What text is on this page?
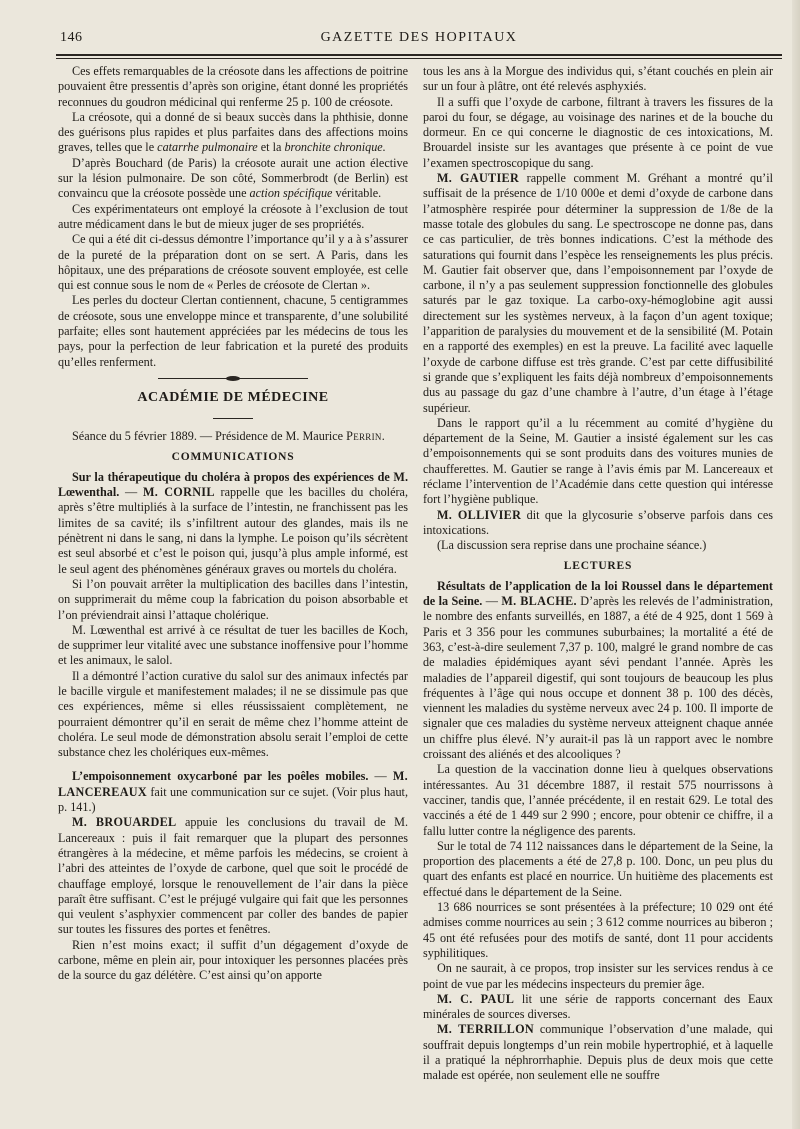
146	GAZETTE DES HOPITAUX

Ces effets remarquables de la créosote dans les affections de poitrine pouvaient être pressentis d’après son origine, étant donné les propriétés reconnues du goudron médicinal qui renferme 25 p. 100 de créosote.

La créosote, qui a donné de si beaux succès dans la phthisie, donne des guérisons plus rapides et plus parfaites dans des affections moins graves, telles que le catarrhe pulmonaire et la bronchite chronique.

D’après Bouchard (de Paris) la créosote aurait une action élective sur la lésion pulmonaire. De son côté, Sommerbrodt (de Berlin) est convaincu que la créosote possède une action spécifique véritable.

Ces expérimentateurs ont employé la créosote à l’exclusion de tout autre médicament dans le but de mieux juger de ses propriétés.

Ce qui a été dit ci-dessus démontre l’importance qu’il y a à s’assurer de la pureté de la préparation dont on se sert. A Paris, dans les hôpitaux, une des préparations de créosote souvent employée, est celle qui est connue sous le nom de « Perles de créosote de Clertan ».

Les perles du docteur Clertan contiennent, chacune, 5 centigrammes de créosote, sous une enveloppe mince et transparente, d’une solubilité parfaite; elles sont hautement appréciées par les médecins de tous les pays, pour la perfection de leur fabrication et la pureté des produits qu’elles renferment.

ACADÉMIE DE MÉDECINE

Séance du 5 février 1889. — Présidence de M. Maurice Perrin.

COMMUNICATIONS

Sur la thérapeutique du choléra à propos des expériences de M. Lœwenthal. — M. CORNIL rappelle que les bacilles du choléra, après s’être multipliés à la surface de l’intestin, ne franchissent pas les limites de sa cavité; ils s’infiltrent autour des glandes, mais ils ne pénètrent ni dans le sang, ni dans la lymphe. Le poison qu’ils sécrètent est seul absorbé et c’est le poison qui, jusqu’à plus ample informé, est le seul agent des phénomènes généraux graves ou mortels du choléra.

Si l’on pouvait arrêter la multiplication des bacilles dans l’intestin, on supprimerait du même coup la fabrication du poison absorbable et l’on préviendrait ainsi l’attaque cholérique.

M. Lœwenthal est arrivé à ce résultat de tuer les bacilles de Koch, de supprimer leur vitalité avec une substance inoffensive pour l’homme et les animaux, le salol.

Il a démontré l’action curative du salol sur des animaux infectés par le bacille virgule et manifestement malades; il ne se dissimule pas que ces expériences, même si elles réussissaient complètement, ne pourraient démontrer qu’il en serait de même chez l’homme atteint de choléra. Le seul mode de démonstration absolu serait l’emploi de cette substance chez les cholériques eux-mêmes.

L’empoisonnement oxycarboné par les poêles mobiles. — M. LANCEREAUX fait une communication sur ce sujet. (Voir plus haut, p. 141.)

M. BROUARDEL appuie les conclusions du travail de M. Lancereaux : puis il fait remarquer que la plupart des personnes étrangères à la médecine, et même parfois les médecins, se croient à l’abri des atteintes de l’oxyde de carbone, quel que soit le procédé de chauffage employé, lorsque le renouvellement de l’air dans la pièce paraît être suffisant. C’est le préjugé vulgaire qui fait que les personnes qui veulent s’asphyxier commencent par coller des bandes de papier sur toutes les fissures des portes et fenêtres.

Rien n’est moins exact; il suffit d’un dégagement d’oxyde de carbone, même en plein air, pour intoxiquer les personnes placées près de la source du gaz délétère. C’est ainsi qu’on apporte

tous les ans à la Morgue des individus qui, s’étant couchés en plein air sur un four à plâtre, ont été relevés asphyxiés.

Il a suffi que l’oxyde de carbone, filtrant à travers les fissures de la paroi du four, se dégage, au voisinage des narines et de la bouche du dormeur. En ce qui concerne le diagnostic de ces intoxications, M. Brouardel insiste sur les avantages que présente à ce point de vue l’examen spectroscopique du sang.

M. GAUTIER rappelle comment M. Gréhant a montré qu’il suffisait de la présence de 1/10 000e et demi d’oxyde de carbone dans l’atmosphère respirée pour déterminer la suppression de 1/8e de la masse totale des globules du sang. Le spectroscope ne donne pas, dans ce cas particulier, de très bonnes indications. C’est la méthode des saturations qui fournit dans l’espèce les renseignements les plus précis. M. Gautier fait observer que, dans l’empoisonnement par l’oxyde de carbone, il n’y a pas seulement suppression fonctionnelle des globules saturés par le gaz toxique. La carbo-oxy-hémoglobine agit aussi directement sur les systèmes nerveux, à la façon d’un agent toxique; l’apparition de paralysies du mouvement et de la sensibilité (M. Potain en a rapporté des exemples) en est la preuve. La facilité avec laquelle l’oxyde de carbone diffuse est très grande. C’est par cette diffusibilité si grande que s’expliquent les faits déjà nombreux d’empoisonnements dus au passage du gaz d’une chambre à l’autre, d’un étage à l’étage supérieur.

Dans le rapport qu’il a lu récemment au comité d’hygiène du département de la Seine, M. Gautier a insisté également sur les cas d’empoisonnements qui se sont produits dans des voitures munies de chaufferettes. M. Gautier se range à l’avis émis par M. Lancereaux et réclame l’intervention de l’Académie dans cette question qui intéresse fort l’hygiène publique.

M. OLLIVIER dit que la glycosurie s’observe parfois dans ces intoxications.

(La discussion sera reprise dans une prochaine séance.)

LECTURES

Résultats de l’application de la loi Roussel dans le département de la Seine. — M. BLACHE. D’après les relevés de l’administration, le nombre des enfants surveillés, en 1887, a été de 4 925, dont 1 569 à Paris et 3 356 pour les communes suburbaines; la mortalité a été de 363, c’est-à-dire seulement 7,37 p. 100, malgré le grand nombre de cas de maladies épidémiques ayant sévi pendant l’année. Après les maladies de l’appareil digestif, qui sont toujours de beaucoup les plus fréquentes à l’âge qui nous occupe et donnent 38 p. 100 des décès, viennent les maladies du système nerveux avec 24 p. 100. Il importe de signaler que ces maladies du système nerveux atteignent chaque année un chiffre plus élevé. N’y aurait-il pas là un rapport avec le nombre croissant des aliénés et des alcooliques ?

La question de la vaccination donne lieu à quelques observations intéressantes. Au 31 décembre 1887, il restait 575 nourrissons à vacciner, tandis que, l’année précédente, il en restait 629. Le total des vaccinés a été de 1 449 sur 2 990 ; encore, pour obtenir ce chiffre, il a fallu lutter contre la négligence des parents.

Sur le total de 74 112 naissances dans le département de la Seine, la proportion des placements a été de 27,8 p. 100. Donc, un peu plus du quart des enfants est placé en nourrice. Un huitième des placements est effectué dans le département de la Seine.

13 686 nourrices se sont présentées à la préfecture; 10 029 ont été admises comme nourrices au sein ; 3 612 comme nourrices au biberon ; 45 ont été refusées pour des motifs de santé, dont 11 pour accidents syphilitiques.

On ne saurait, à ce propos, trop insister sur les services rendus à ce point de vue par les médecins inspecteurs du premier âge.

M. C. PAUL lit une série de rapports concernant des Eaux minérales de sources diverses.

M. TERRILLON communique l’observation d’une malade, qui souffrait depuis longtemps d’un rein mobile hypertrophié, et à laquelle il a pratiqué la néphrorrhaphie. Depuis plus de deux mois que cette malade est opérée, non seulement elle ne souffre
